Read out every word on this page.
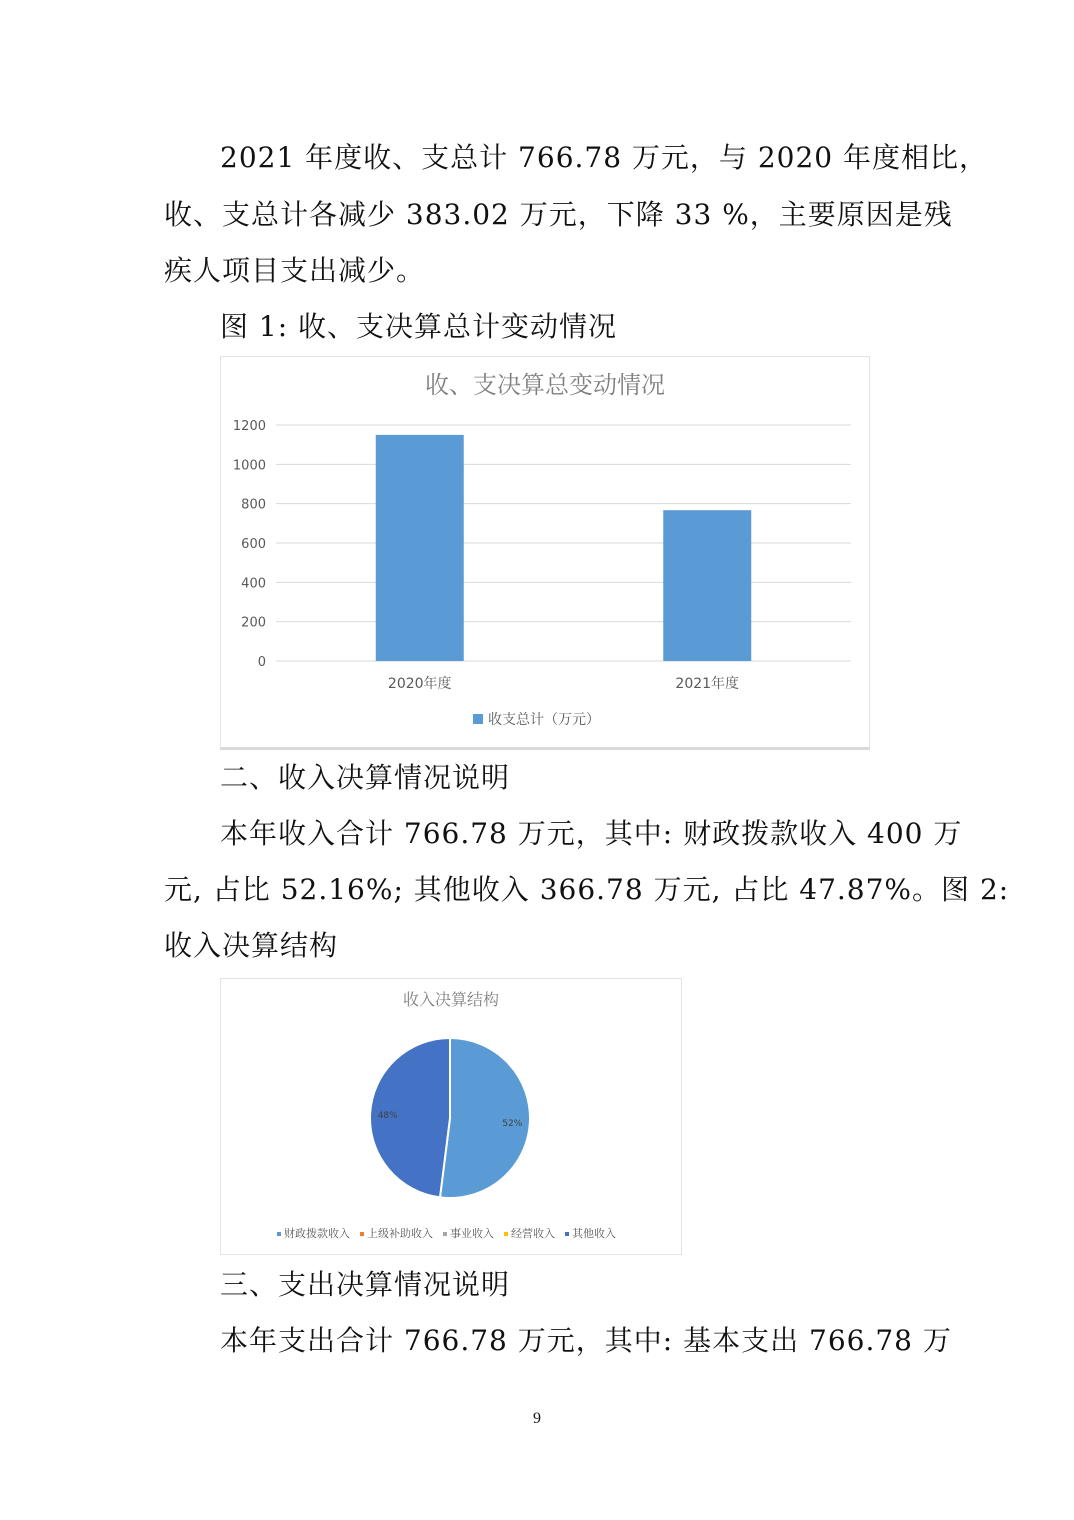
2021 年度收、支总计 766.78 万元，与 2020 年度相比，
收、支总计各减少 383.02 万元，下降 33 %，主要原因是残
疾人项目支出减少。
图 1: 收、支决算总计变动情况
收、支决算总变动情况
0
200
400
600
800
1000
1200
2020年度	2021年度
收支总计（万元）
二、收入决算情况说明
本年收入合计 766.78 万元，其中: 财政拨款收入 400 万
元, 占比 52.16%; 其他收入 366.78 万元, 占比 47.87%。图 2:
收入决算结构
收入决算结构
52%
48%
财政拨款收入 上级补助收入 事业收入 经营收入 其他收入
三、支出决算情况说明
本年支出合计 766.78 万元，其中: 基本支出 766.78 万
9
